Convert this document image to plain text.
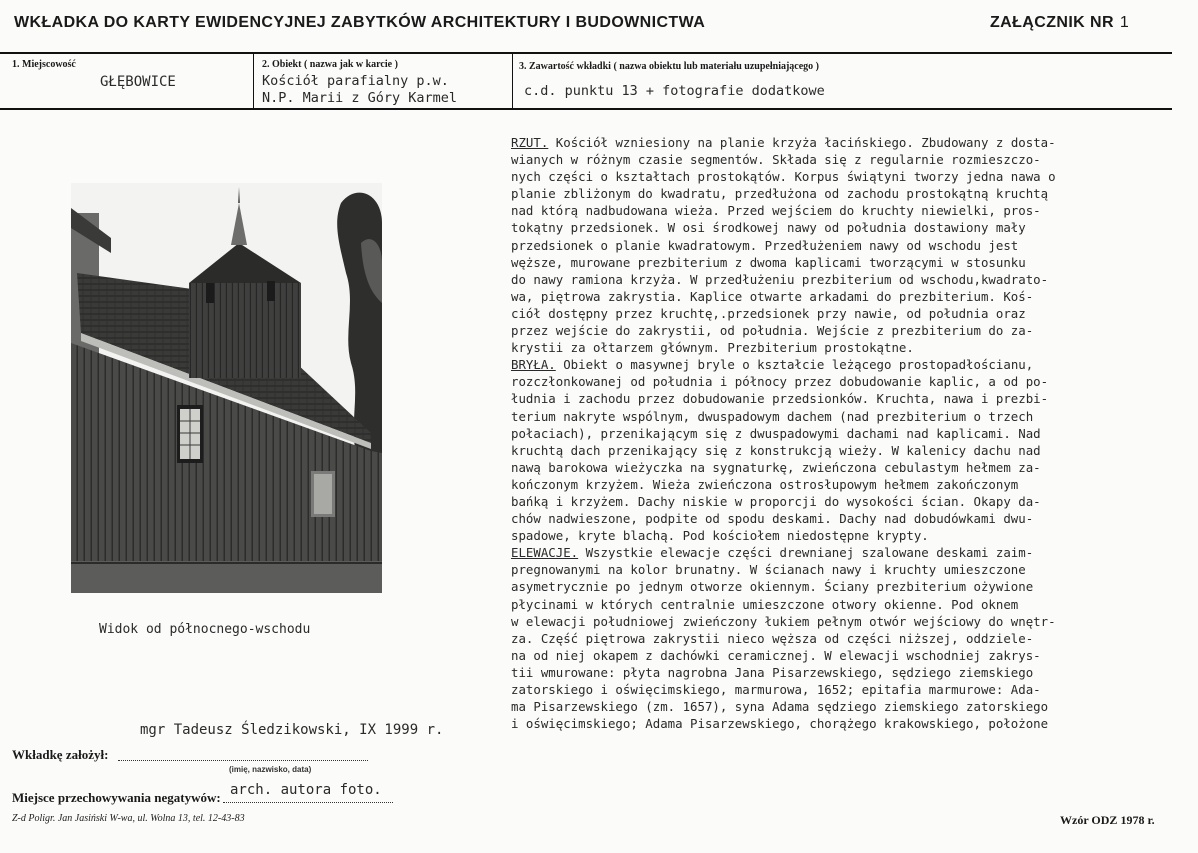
WKŁADKA DO KARTY EWIDENCYJNEJ ZABYTKÓW ARCHITEKTURY I BUDOWNICTWA	ZAŁĄCZNIK NR 1
1. Miejscowość
GŁĘBOWICE
2. Obiekt ( nazwa jak w karcie )
Kościół parafialny p.w.
N.P. Marii z Góry Karmel
3. Zawartość wkładki ( nazwa obiektu lub materiału uzupełniającego )
c.d. punktu 13 + fotografie dodatkowe
Widok od północnego-wschodu
mgr Tadeusz Śledzikowski, IX 1999 r.
Wkładkę założył:
(imię, nazwisko, data)
Miejsce przechowywania negatywów: arch. autora foto.
Z-d Poligr. Jan Jasiński W-wa, ul. Wolna 13, tel. 12-43-83	Wzór ODZ 1978 r.
RZUT. Kościół wzniesiony na planie krzyża łacińskiego. Zbudowany z dosta-
wianych w różnym czasie segmentów. Składa się z regularnie rozmieszczo-
nych części o kształtach prostokątów. Korpus świątyni tworzy jedna nawa o
planie zbliżonym do kwadratu, przedłużona od zachodu prostokątną kruchtą
nad którą nadbudowana wieża. Przed wejściem do kruchty niewielki, pros-
tokątny przedsionek. W osi środkowej nawy od południa dostawiony mały
przedsionek o planie kwadratowym. Przedłużeniem nawy od wschodu jest
węższe, murowane prezbiterium z dwoma kaplicami tworzącymi w stosunku
do nawy ramiona krzyża. W przedłużeniu prezbiterium od wschodu,kwadrato-
wa, piętrowa zakrystia. Kaplice otwarte arkadami do prezbiterium. Koś-
ciół dostępny przez kruchtę,.przedsionek przy nawie, od południa oraz
przez wejście do zakrystii, od południa. Wejście z prezbiterium do za-
krystii za ołtarzem głównym. Prezbiterium prostokątne.
BRYŁA. Obiekt o masywnej bryle o kształcie leżącego prostopadłościanu,
rozczłonkowanej od południa i północy przez dobudowanie kaplic, a od po-
łudnia i zachodu przez dobudowanie przedsionków. Kruchta, nawa i prezbi-
terium nakryte wspólnym, dwuspadowym dachem (nad prezbiterium o trzech
połaciach), przenikającym się z dwuspadowymi dachami nad kaplicami. Nad
kruchtą dach przenikający się z konstrukcją wieży. W kalenicy dachu nad
nawą barokowa wieżyczka na sygnaturkę, zwieńczona cebulastym hełmem za-
kończonym krzyżem. Wieża zwieńczona ostrosłupowym hełmem zakończonym
bańką i krzyżem. Dachy niskie w proporcji do wysokości ścian. Okapy da-
chów nadwieszone, podpite od spodu deskami. Dachy nad dobudówkami dwu-
spadowe, kryte blachą. Pod kościołem niedostępne krypty.
ELEWACJE. Wszystkie elewacje części drewnianej szalowane deskami zaim-
pregnowanymi na kolor brunatny. W ścianach nawy i kruchty umieszczone
asymetrycznie po jednym otworze okiennym. Ściany prezbiterium ożywione
płycinami w których centralnie umieszczone otwory okienne. Pod oknem
w elewacji południowej zwieńczony łukiem pełnym otwór wejściowy do wnętr-
za. Część piętrowa zakrystii nieco węższa od części niższej, oddziele-
na od niej okapem z dachówki ceramicznej. W elewacji wschodniej zakrys-
tii wmurowane: płyta nagrobna Jana Pisarzewskiego, sędziego ziemskiego
zatorskiego i oświęcimskiego, marmurowa, 1652; epitafia marmurowe: Ada-
ma Pisarzewskiego (zm. 1657), syna Adama sędziego ziemskiego zatorskiego
i oświęcimskiego; Adama Pisarzewskiego, chorążego krakowskiego, położone
